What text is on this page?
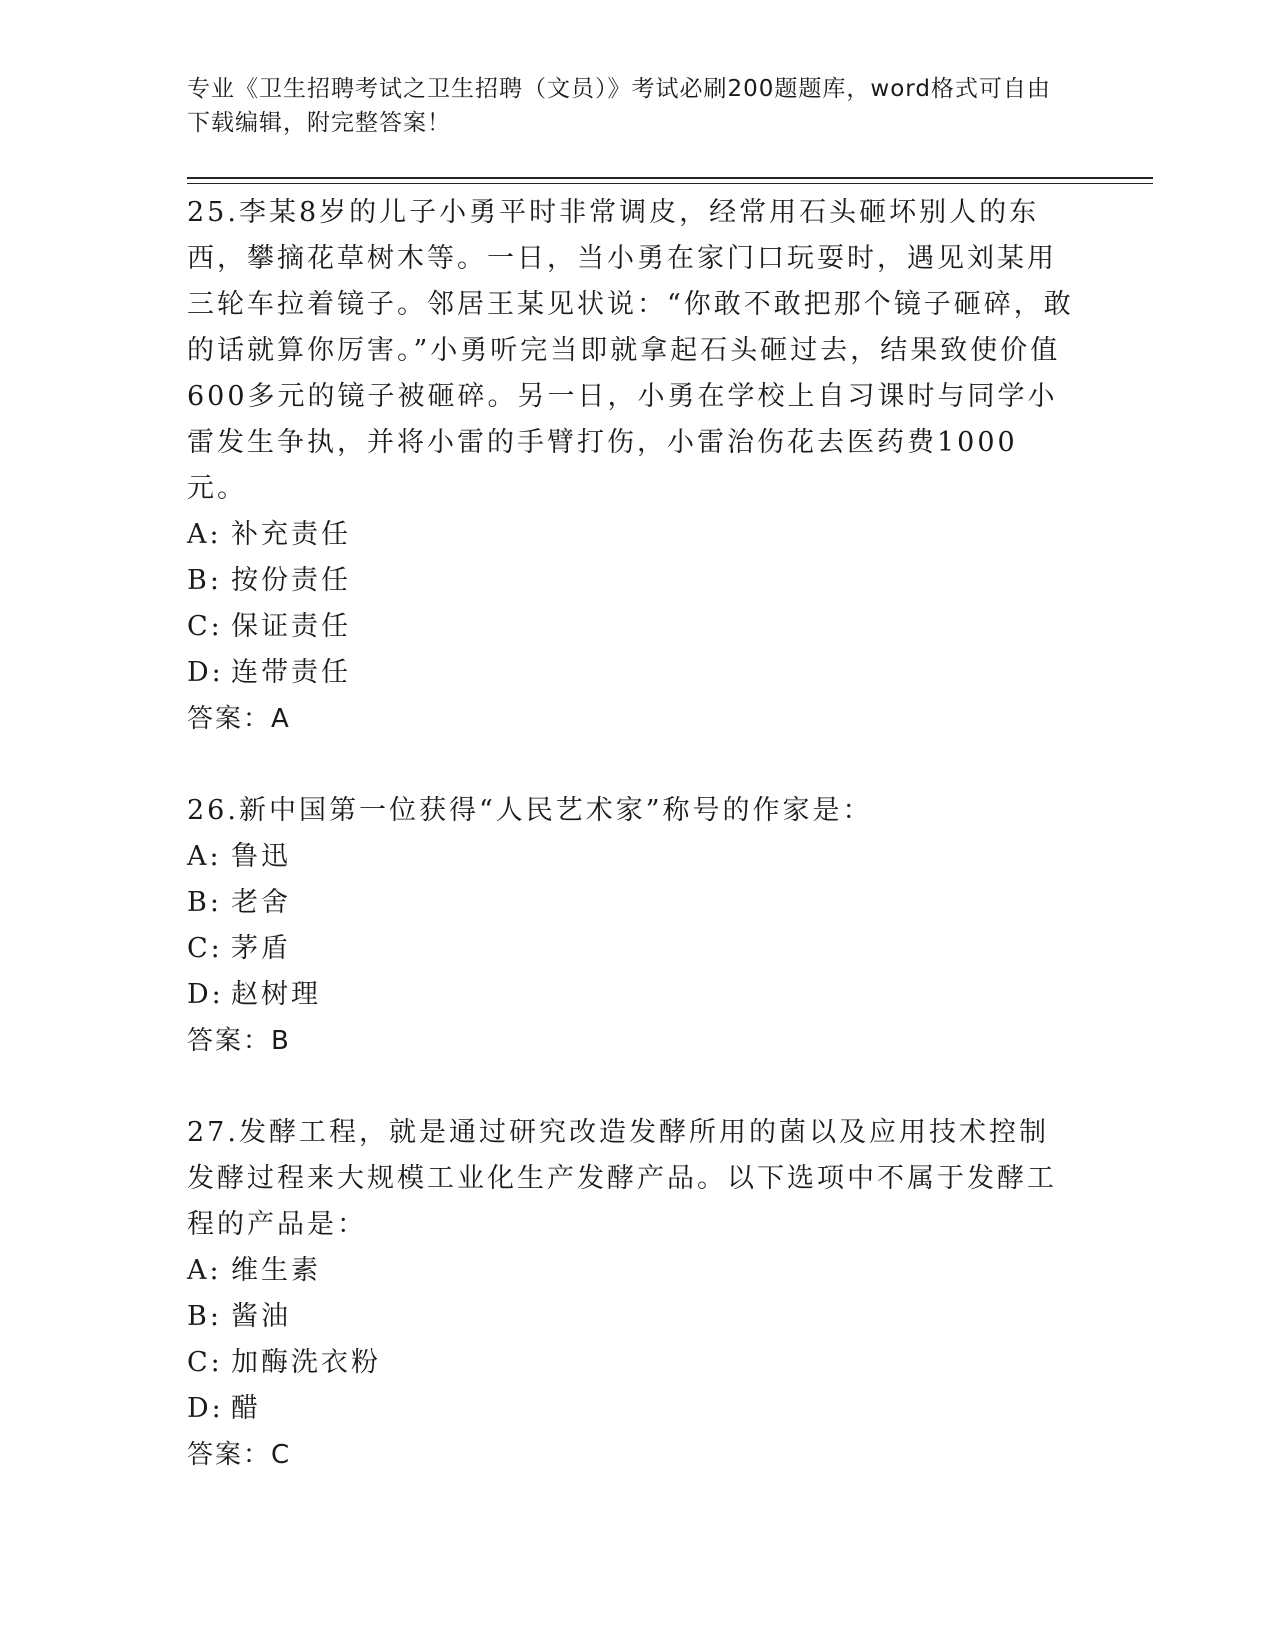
专业《卫生招聘考试之卫生招聘（文员）》考试必刷200题题库，word格式可自由下载编辑，附完整答案！

25.李某8岁的儿子小勇平时非常调皮，经常用石头砸坏别人的东西，攀摘花草树木等。一日，当小勇在家门口玩耍时，遇见刘某用三轮车拉着镜子。邻居王某见状说：“你敢不敢把那个镜子砸碎，敢的话就算你厉害。”小勇听完当即就拿起石头砸过去，结果致使价值600多元的镜子被砸碎。另一日，小勇在学校上自习课时与同学小雷发生争执，并将小雷的手臂打伤，小雷治伤花去医药费1000元。

A: 补充责任

B: 按份责任

C: 保证责任

D: 连带责任

答案：A

26.新中国第一位获得“人民艺术家”称号的作家是：

A: 鲁迅

B: 老舍

C: 茅盾

D: 赵树理

答案：B

27.发酵工程，就是通过研究改造发酵所用的菌以及应用技术控制发酵过程来大规模工业化生产发酵产品。以下选项中不属于发酵工程的产品是：

A: 维生素

B: 酱油

C: 加酶洗衣粉

D: 醋

答案：C
